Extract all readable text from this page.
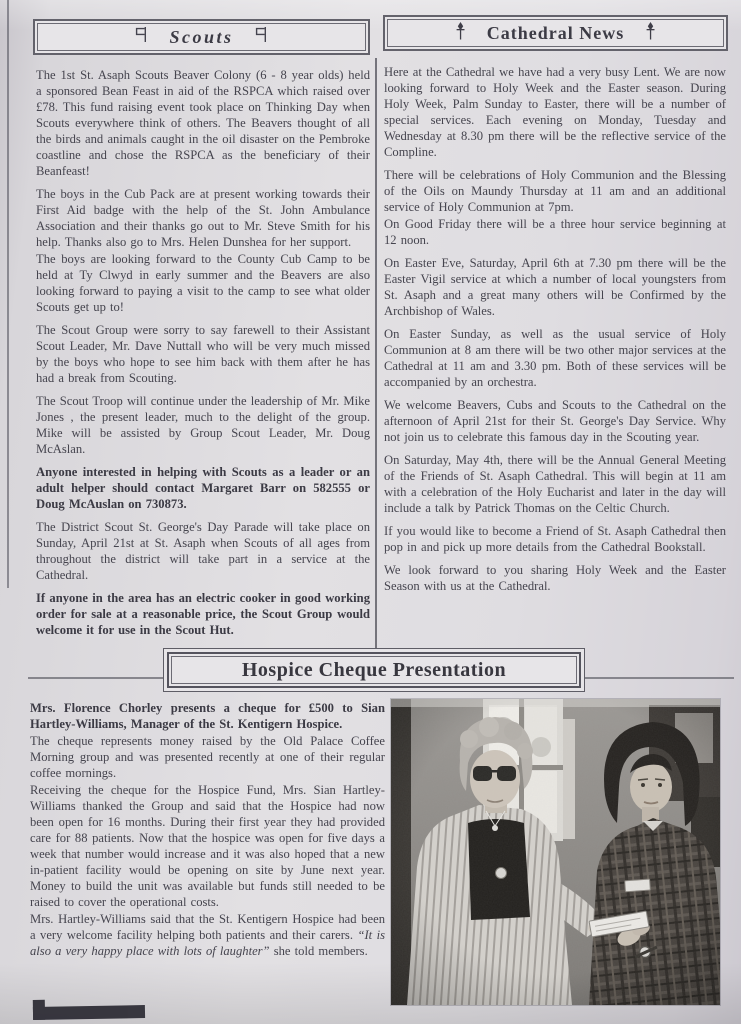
Scouts	Cathedral News

The 1st St. Asaph Scouts Beaver Colony (6 - 8 year olds) held a sponsored Bean Feast in aid of the RSPCA which raised over £78. This fund raising event took place on Thinking Day when Scouts everywhere think of others. The Beavers thought of all the birds and animals caught in the oil disaster on the Pembroke coastline and chose the RSPCA as the beneficiary of their Beanfeast!

The boys in the Cub Pack are at present working towards their First Aid badge with the help of the St. John Ambulance Association and their thanks go out to Mr. Steve Smith for his help. Thanks also go to Mrs. Helen Dunshea for her support.

The boys are looking forward to the County Cub Camp to be held at Ty Clwyd in early summer and the Beavers are also looking forward to paying a visit to the camp to see what older Scouts get up to!

The Scout Group were sorry to say farewell to their Assistant Scout Leader, Mr. Dave Nuttall who will be very much missed by the boys who hope to see him back with them after he has had a break from Scouting.

The Scout Troop will continue under the leadership of Mr. Mike Jones , the present leader, much to the delight of the group. Mike will be assisted by Group Scout Leader, Mr. Doug McAslan.

Anyone interested in helping with Scouts as a leader or an adult helper should contact Margaret Barr on 582555 or Doug McAuslan on 730873.

The District Scout St. George's Day Parade will take place on Sunday, April 21st at St. Asaph when Scouts of all ages from throughout the district will take part in a service at the Cathedral.

If anyone in the area has an electric cooker in good working order for sale at a reasonable price, the Scout Group would welcome it for use in the Scout Hut.

Here at the Cathedral we have had a very busy Lent. We are now looking forward to Holy Week and the Easter season. During Holy Week, Palm Sunday to Easter, there will be a number of special services. Each evening on Monday, Tuesday and Wednesday at 8.30 pm there will be the reflective service of the Compline.

There will be celebrations of Holy Communion and the Blessing of the Oils on Maundy Thursday at 11 am and an additional service of Holy Communion at 7pm.

On Good Friday there will be a three hour service beginning at 12 noon.

On Easter Eve, Saturday, April 6th at 7.30 pm there will be the Easter Vigil service at which a number of local youngsters from St. Asaph and a great many others will be Confirmed by the Archbishop of Wales.

On Easter Sunday, as well as the usual service of Holy Communion at 8 am there will be two other major services at the Cathedral at 11 am and 3.30 pm. Both of these services will be accompanied by an orchestra.

We welcome Beavers, Cubs and Scouts to the Cathedral on the afternoon of April 21st for their St. George's Day Service. Why not join us to celebrate this famous day in the Scouting year.

On Saturday, May 4th, there will be the Annual General Meeting of the Friends of St. Asaph Cathedral. This will begin at 11 am with a celebration of the Holy Eucharist and later in the day will include a talk by Patrick Thomas on the Celtic Church.

If you would like to become a Friend of St. Asaph Cathedral then pop in and pick up more details from the Cathedral Bookstall.

We look forward to you sharing Holy Week and the Easter Season with us at the Cathedral.

Hospice Cheque Presentation

Mrs. Florence Chorley presents a cheque for £500 to Sian Hartley-Williams, Manager of the St. Kentigern Hospice.

The cheque represents money raised by the Old Palace Coffee Morning group and was presented recently at one of their regular coffee mornings.

Receiving the cheque for the Hospice Fund, Mrs. Sian Hartley-Williams thanked the Group and said that the Hospice had now been open for 16 months. During their first year they had provided care for 88 patients. Now that the hospice was open for five days a week that number would increase and it was also hoped that a new in-patient facility would be opening on site by June next year. Money to build the unit was available but funds still needed to be raised to cover the operational costs.

Mrs. Hartley-Williams said that the St. Kentigern Hospice had been a very welcome facility helping both patients and their carers. “It is also a very happy place with lots of laughter” she told members.
